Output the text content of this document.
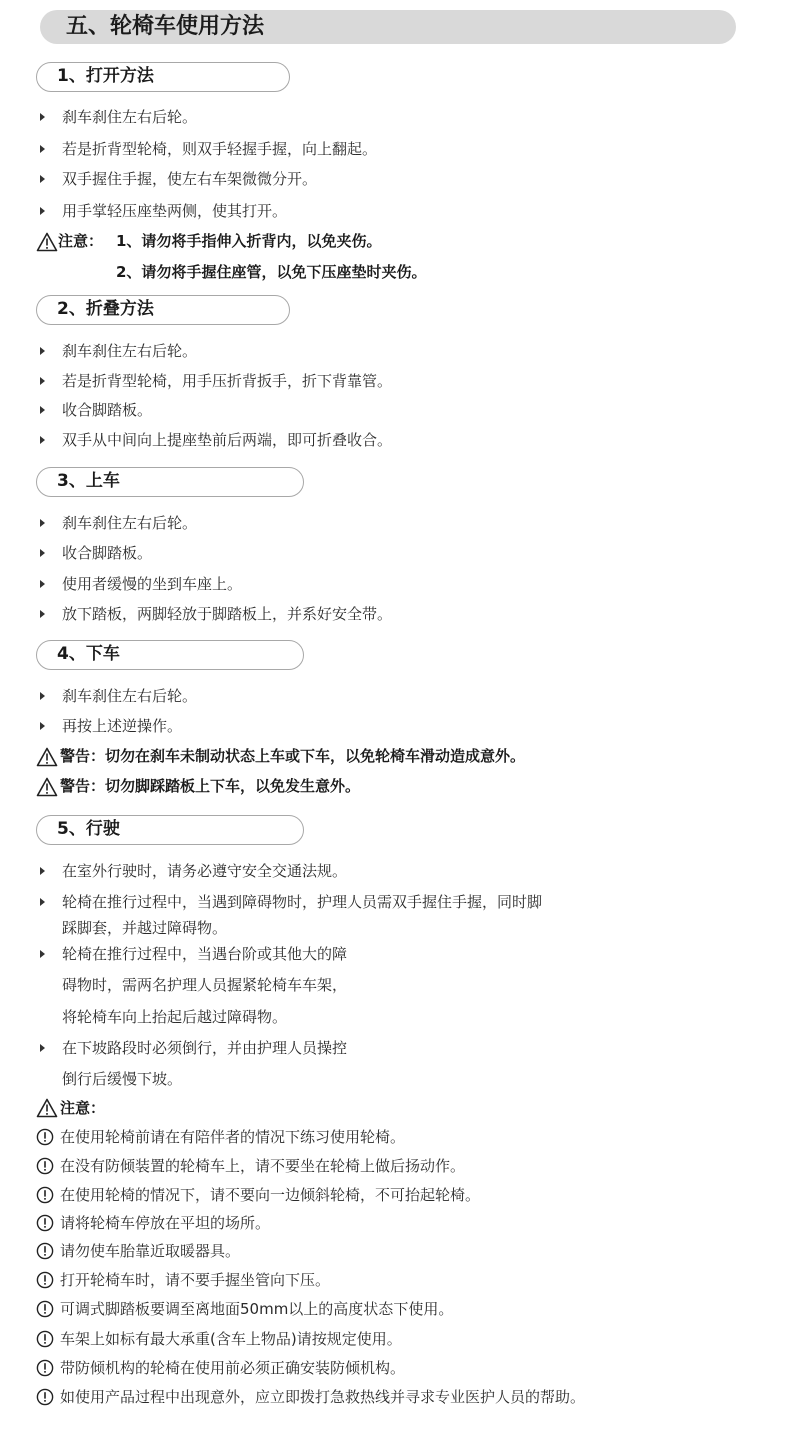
五、轮椅车使用方法
1、打开方法
刹车刹住左右后轮。
若是折背型轮椅，则双手轻握手握，向上翻起。
双手握住手握，使左右车架微微分开。
用手掌轻压座垫两侧，使其打开。
注意： 1、请勿将手指伸入折背内，以免夹伤。
2、请勿将手握住座管，以免下压座垫时夹伤。
2、折叠方法
刹车刹住左右后轮。
若是折背型轮椅，用手压折背扳手，折下背靠管。
收合脚踏板。
双手从中间向上提座垫前后两端，即可折叠收合。
3、上车
刹车刹住左右后轮。
收合脚踏板。
使用者缓慢的坐到车座上。
放下踏板，两脚轻放于脚踏板上，并系好安全带。
4、下车
刹车刹住左右后轮。
再按上述逆操作。
警告：切勿在刹车未制动状态上车或下车，以免轮椅车滑动造成意外。
警告：切勿脚踩踏板上下车，以免发生意外。
5、行驶
在室外行驶时，请务必遵守安全交通法规。
轮椅在推行过程中，当遇到障碍物时，护理人员需双手握住手握，同时脚
踩脚套，并越过障碍物。
轮椅在推行过程中，当遇台阶或其他大的障
碍物时，需两名护理人员握紧轮椅车车架，
将轮椅车向上抬起后越过障碍物。
在下坡路段时必须倒行，并由护理人员操控
倒行后缓慢下坡。
注意：
在使用轮椅前请在有陪伴者的情况下练习使用轮椅。
在没有防倾装置的轮椅车上，请不要坐在轮椅上做后扬动作。
在使用轮椅的情况下，请不要向一边倾斜轮椅，不可抬起轮椅。
请将轮椅车停放在平坦的场所。
请勿使车胎靠近取暖器具。
打开轮椅车时，请不要手握坐管向下压。
可调式脚踏板要调至离地面50mm以上的高度状态下使用。
车架上如标有最大承重(含车上物品)请按规定使用。
带防倾机构的轮椅在使用前必须正确安装防倾机构。
如使用产品过程中出现意外，应立即拨打急救热线并寻求专业医护人员的帮助。
